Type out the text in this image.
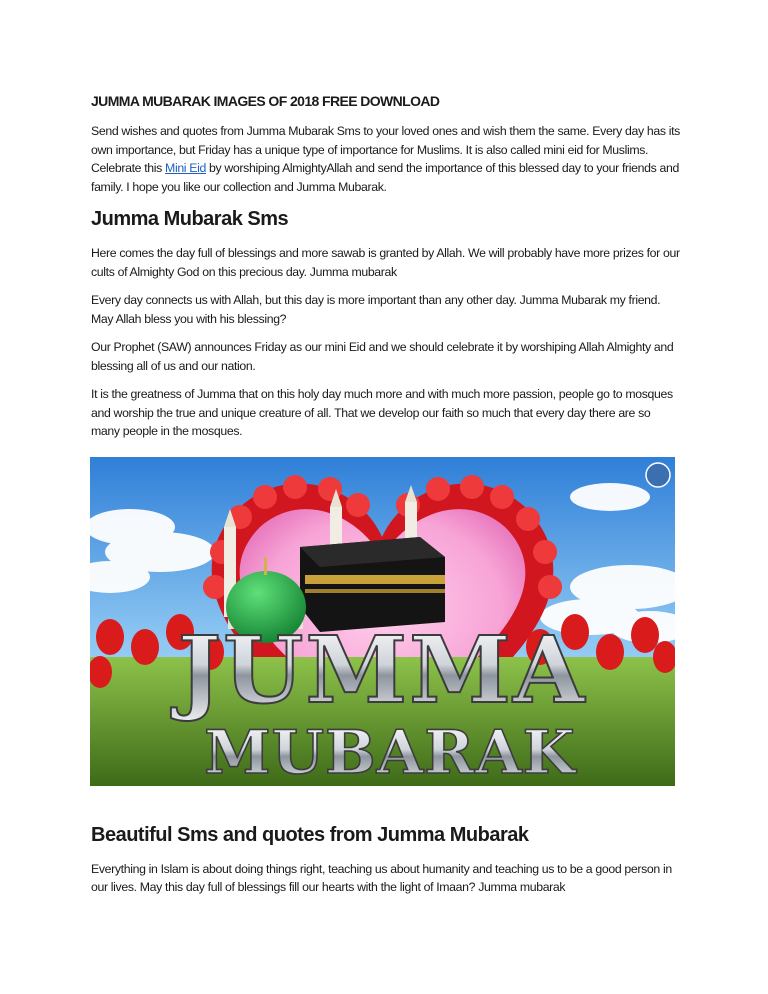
JUMMA MUBARAK IMAGES OF 2018 FREE DOWNLOAD

Send wishes and quotes from Jumma Mubarak Sms to your loved ones and wish them the same. Every day has its own importance, but Friday has a unique type of importance for Muslims. It is also called mini eid for Muslims. Celebrate this Mini Eid by worshiping AlmightyAllah and send the importance of this blessed day to your friends and family. I hope you like our collection and Jumma Mubarak.

Jumma Mubarak Sms

Here comes the day full of blessings and more sawab is granted by Allah. We will probably have more prizes for our cults of Almighty God on this precious day. Jumma mubarak

Every day connects us with Allah, but this day is more important than any other day. Jumma Mubarak my friend. May Allah bless you with his blessing?

Our Prophet (SAW) announces Friday as our mini Eid and we should celebrate it by worshiping Allah Almighty and blessing all of us and our nation.

It is the greatness of Jumma that on this holy day much more and with much more passion, people go to mosques and worship the true and unique creature of all. That we develop our faith so much that every day there are so many people in the mosques.

JUMMA
MUBARAK
Beautiful Sms and quotes from Jumma Mubarak

Everything in Islam is about doing things right, teaching us about humanity and teaching us to be a good person in our lives. May this day full of blessings fill our hearts with the light of Imaan? Jumma mubarak
